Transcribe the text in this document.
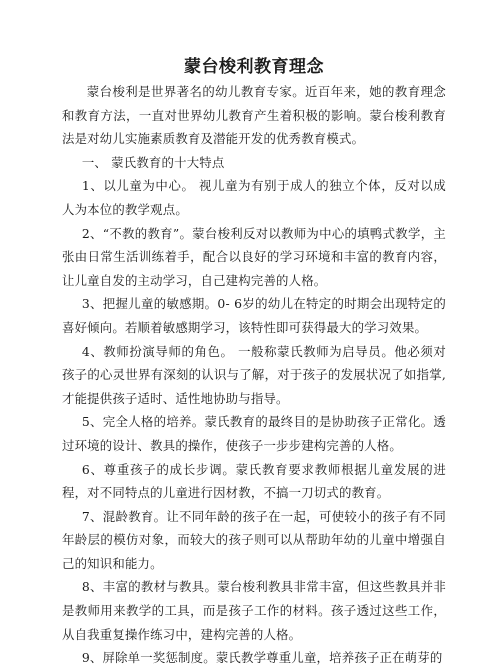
蒙台梭利教育理念

蒙台梭利是世界著名的幼儿教育专家。近百年来，她的教育理念和教育方法，一直对世界幼儿教育产生着积极的影响。蒙台梭利教育法是对幼儿实施素质教育及潜能开发的优秀教育模式。

一、 蒙氏教育的十大特点

1、以儿童为中心。 视儿童为有别于成人的独立个体，反对以成人为本位的教学观点。

2、“不教的教育”。蒙台梭利反对以教师为中心的填鸭式教学，主张由日常生活训练着手，配合以良好的学习环境和丰富的教育内容，让儿童自发的主动学习，自己建构完善的人格。

3、把握儿童的敏感期。0- 6岁的幼儿在特定的时期会出现特定的喜好倾向。若顺着敏感期学习，该特性即可获得最大的学习效果。

4、教师扮演导师的角色。 一般称蒙氏教师为启导员。他必须对孩子的心灵世界有深刻的认识与了解，对于孩子的发展状况了如指掌,才能提供孩子适时、适性地协助与指导。

5、完全人格的培养。蒙氏教育的最终目的是协助孩子正常化。透过环境的设计、教具的操作，使孩子一步步建构完善的人格。

6、尊重孩子的成长步调。蒙氏教育要求教师根据儿童发展的进程，对不同特点的儿童进行因材教，不搞一刀切式的教育。

7、混龄教育。让不同年龄的孩子在一起，可使较小的孩子有不同年龄层的模仿对象，而较大的孩子则可以从帮助年幼的儿童中增强自己的知识和能力。

8、丰富的教材与教具。蒙台梭利教具非常丰富，但这些教具并非是教师用来教学的工具，而是孩子工作的材料。孩子透过这些工作，从自我重复操作练习中，建构完善的人格。

9、屏除单一奖惩制度。蒙氏教学尊重儿童，培养孩子正在萌芽的
